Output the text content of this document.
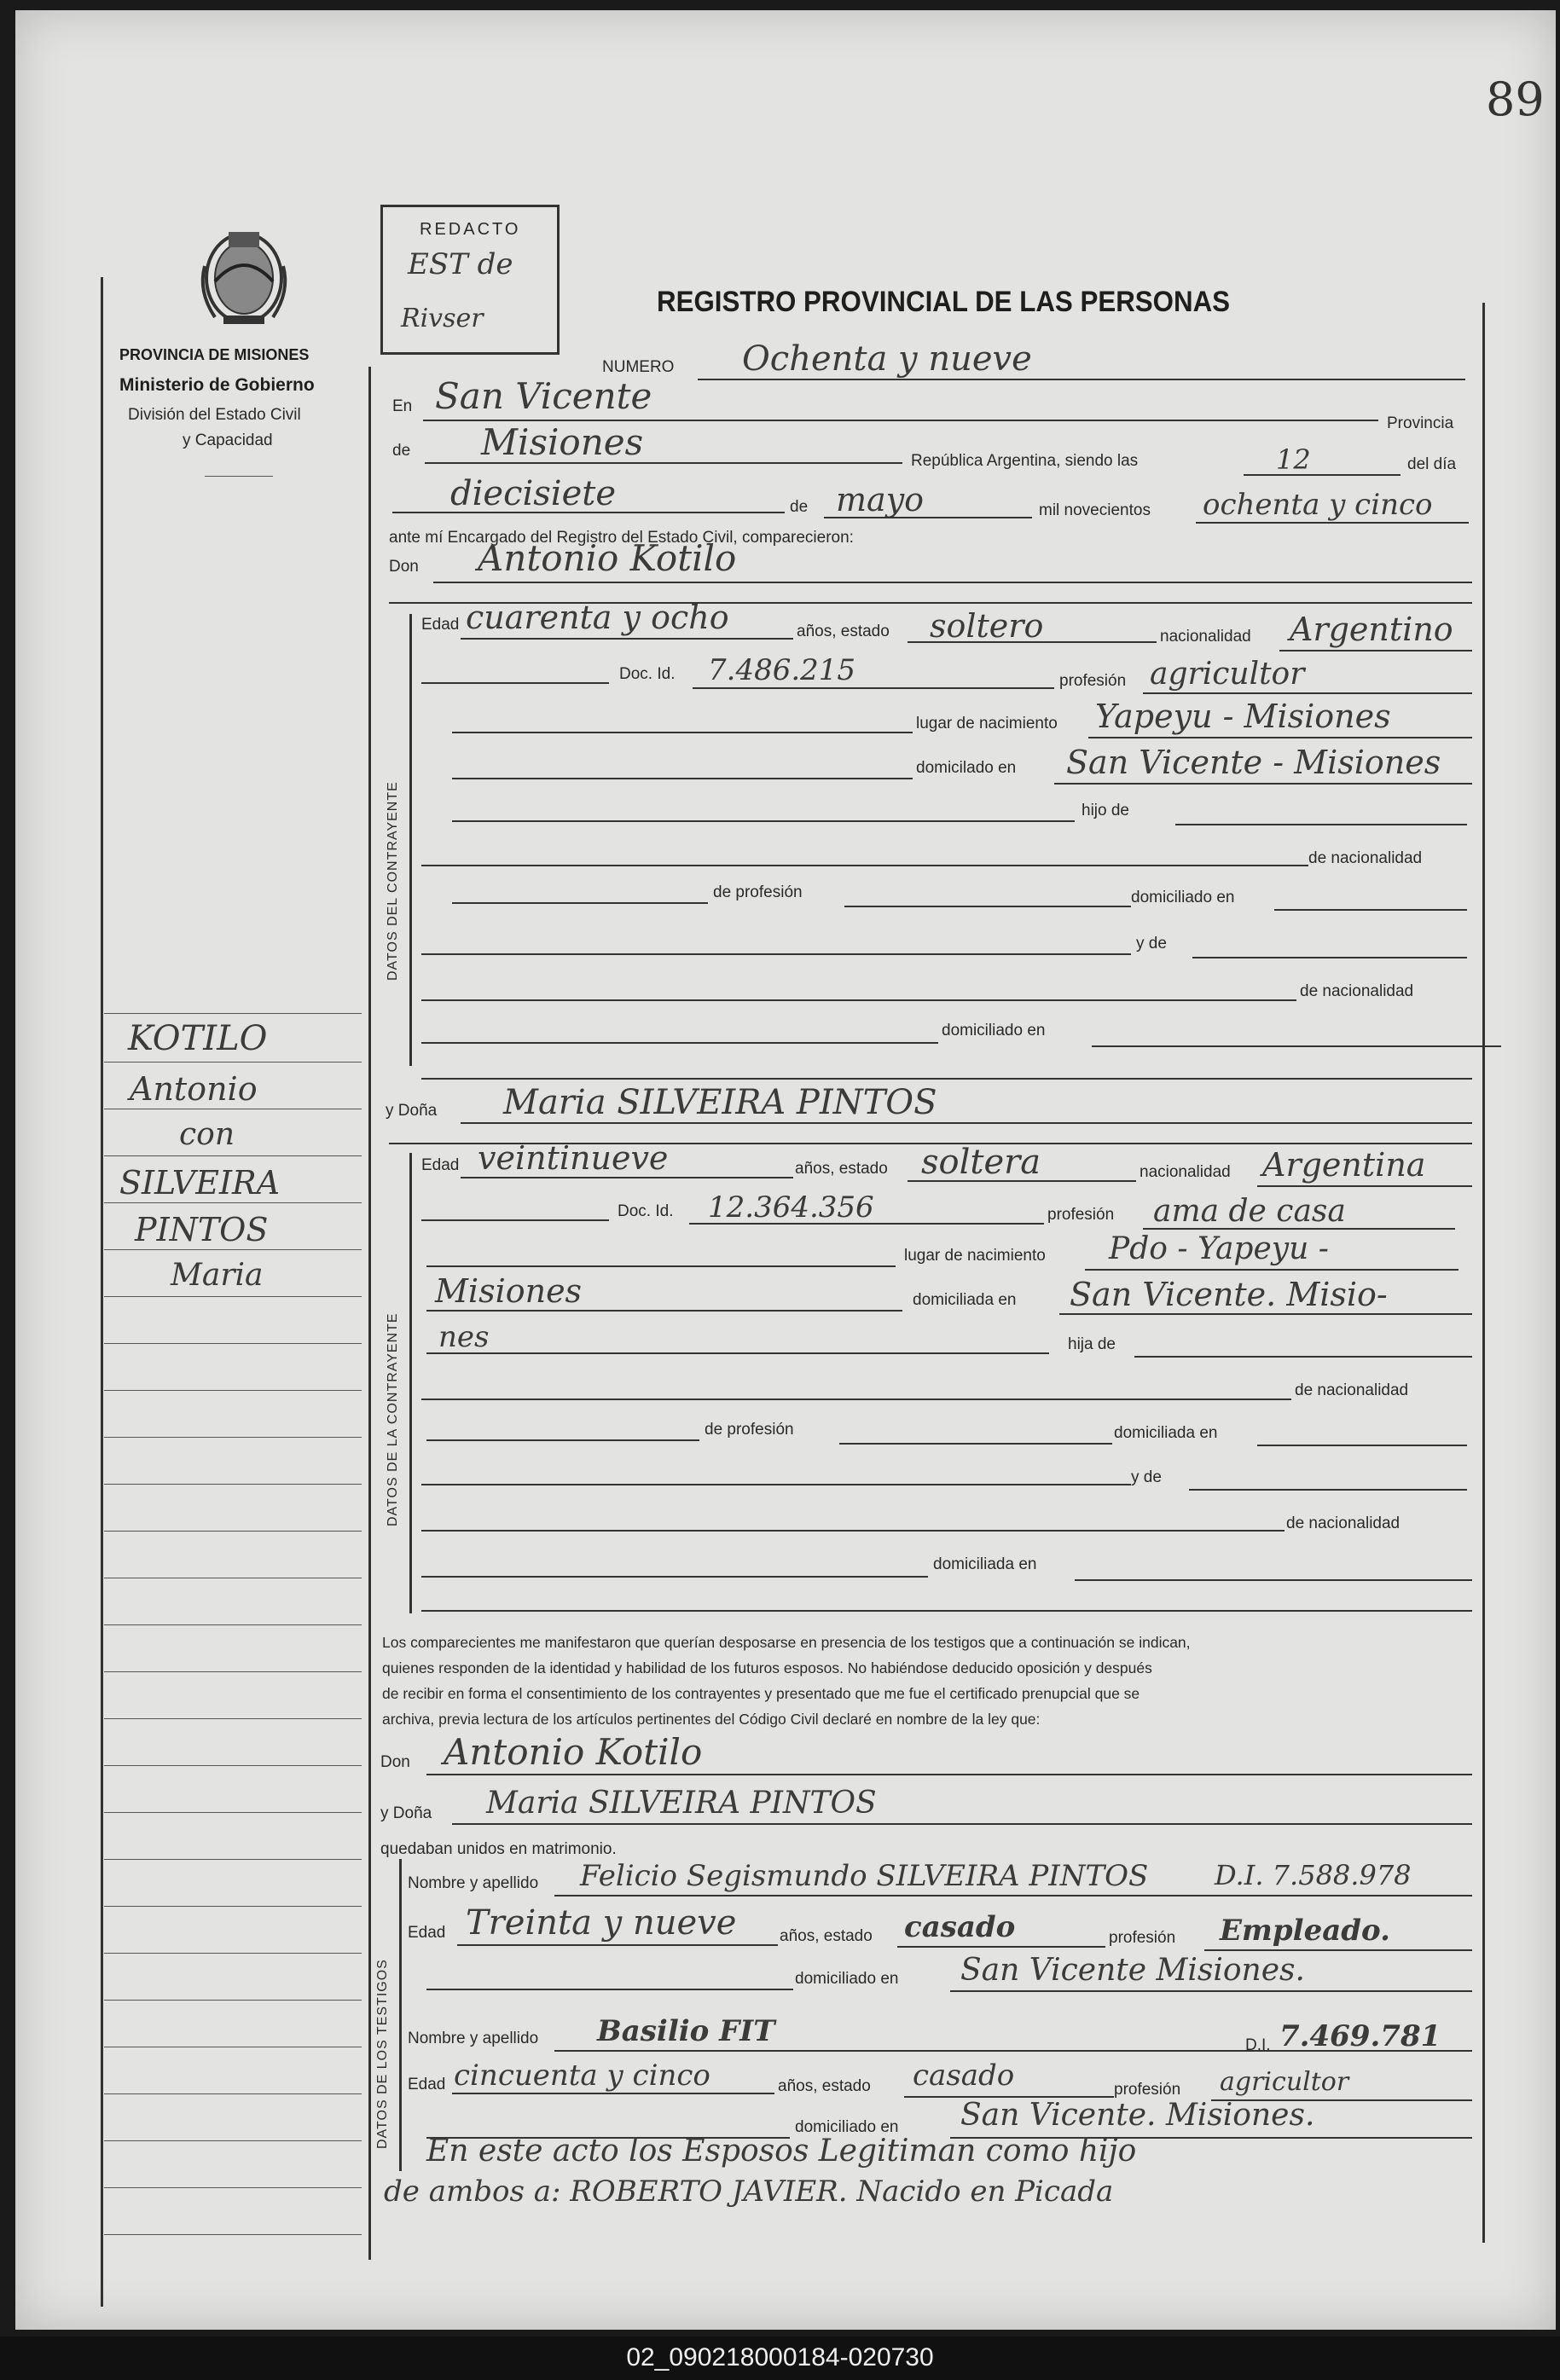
89
PROVINCIA DE MISIONES
Ministerio de Gobierno
División del Estado Civil
y Capacidad
KOTILO
Antonio
con
SILVEIRA
PINTOS
Maria
REDACTO
EST de
Rivser
REGISTRO PROVINCIAL DE LAS PERSONAS
NUMERO Ochenta y nueve
En San Vicente
Provincia
de Misiones	República Argentina, siendo las	12	del día
diecisiete	de mayo	mil novecientos ochenta y cinco
ante mí Encargado del Registro del Estado Civil, comparecieron:
Don Antonio Kotilo
DATOS DEL CONTRAYENTE
Edad cuarenta y ocho	años, estado soltero	nacionalidad Argentino
Doc. Id. 7.486.215	profesión agricultor
lugar de nacimiento Yapeyu - Misiones
domicilado en San Vicente - Misiones
hijo de
de nacionalidad
de profesión	domiciliado en
y de
de nacionalidad
domiciliado en
y Doña Maria SILVEIRA PINTOS
DATOS DE LA CONTRAYENTE
Edad veintinueve	años, estado soltera	nacionalidad Argentina
Doc. Id. 12.364.356	profesión ama de casa
lugar de nacimiento Pdo - Yapeyu -
Misiones	domiciliada en San Vicente. Misio-
nes	hija de
de nacionalidad
de profesión	domiciliada en
y de
de nacionalidad
domiciliada en
Los comparecientes me manifestaron que querían desposarse en presencia de los testigos que a continuación se indican,
quienes responden de la identidad y habilidad de los futuros esposos. No habiéndose deducido oposición y después
de recibir en forma el consentimiento de los contrayentes y presentado que me fue el certificado prenupcial que se
archiva, previa lectura de los artículos pertinentes del Código Civil declaré en nombre de la ley que:
Don Antonio Kotilo
y Doña Maria SILVEIRA PINTOS
quedaban unidos en matrimonio.
DATOS DE LOS TESTIGOS
Nombre y apellido Felicio Segismundo SILVEIRA PINTOS D.I. 7.588.978
Edad Treinta y nueve	años, estado casado	profesión Empleado.
domiciliado en San Vicente Misiones.
Nombre y apellido Basilio FIT	D.I. 7.469.781
Edad cincuenta y cinco	años, estado casado	profesión agricultor
domiciliado en San Vicente. Misiones.
En este acto los Esposos Legitiman como hijo
de ambos a: ROBERTO JAVIER. Nacido en Picada
02_090218000184-020730
